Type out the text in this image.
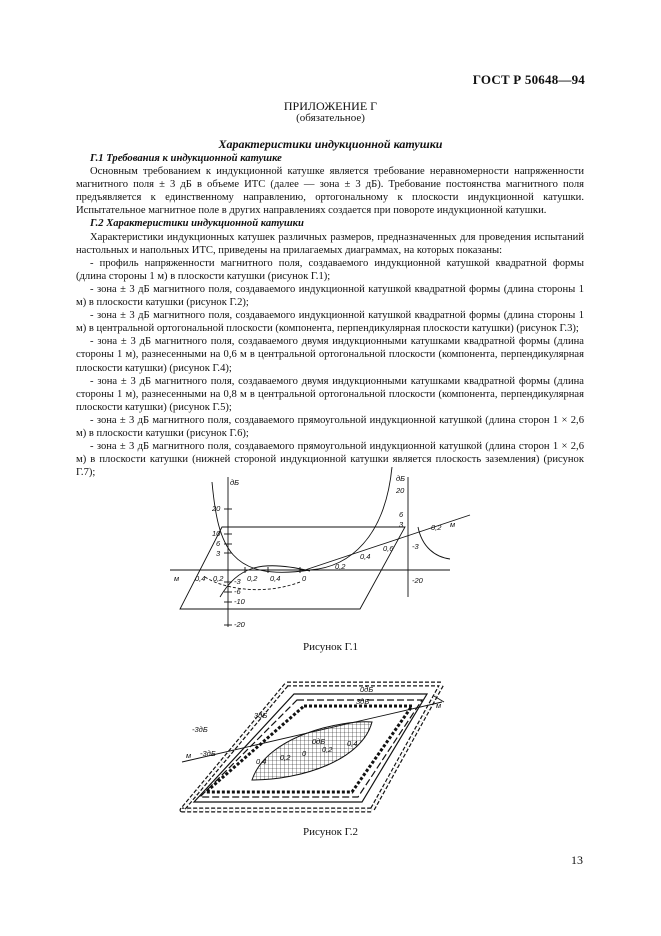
ГОСТ Р 50648—94
ПРИЛОЖЕНИЕ Г
(обязательное)
Характеристики индукционной катушки

Г.1 Требования к индукционной катушке

Основным требованием к индукционной катушке является требование неравномерности напряженности магнитного поля ± 3 дБ в объеме ИТС (далее — зона ± 3 дБ). Требование постоянства магнитного поля предъявляется к единственному направлению, ортогональному к плоскости индукционной катушки. Испытательное магнитное поле в других направлениях создается при повороте индукционной катушки.

Г.2 Характеристики индукционной катушки

Характеристики индукционных катушек различных размеров, предназначенных для проведения испытаний настольных и напольных ИТС, приведены на прилагаемых диаграммах, на которых показаны:

- профиль напряженности магнитного поля, создаваемого индукционной катушкой квадратной формы (длина стороны 1 м) в плоскости катушки (рисунок Г.1);

- зона ± 3 дБ магнитного поля, создаваемого индукционной катушкой квадратной формы (длина стороны 1 м) в плоскости катушки (рисунок Г.2);

- зона ± 3 дБ магнитного поля, создаваемого индукционной катушкой квадратной формы (длина стороны 1 м) в центральной ортогональной плоскости (компонента, перпендикулярная плоскости катушки) (рисунок Г.3);

- зона ± 3 дБ магнитного поля, создаваемого двумя индукционными катушками квадратной формы (длина стороны 1 м), разнесенными на 0,6 м в центральной ортогональной плоскости (компонента, перпендикулярная плоскости катушки) (рисунок Г.4);

- зона ± 3 дБ магнитного поля, создаваемого двумя индукционными катушками квадратной формы (длина стороны 1 м), разнесенными на 0,8 м в центральной ортогональной плоскости (компонента, перпендикулярная плоскости катушки) (рисунок Г.5);

- зона ± 3 дБ магнитного поля, создаваемого прямоугольной индукционной катушкой (длина сторон 1 × 2,6 м) в плоскости катушки (рисунок Г.6);

- зона ± 3 дБ магнитного поля, создаваемого прямоугольной индукционной катушкой (длина сторон 1 × 2,6 м) в плоскости катушки (нижней стороной индукционной катушки является плоскость заземления) (рисунок Г.7);

дБ
20
10
6
3
-3
-6
-10
-20
м 0,4 0,2	0,2 0,4	0
0,2
0,4
0,6
0,2 м
дБ
20
6
3
-3
-20
Рисунок Г.1
0дБ
3дБ
-3дБ
3дБ
0дБ
м
м
-3дБ
0,4 0,2 0 0,2
0,4
Рисунок Г.2
13
